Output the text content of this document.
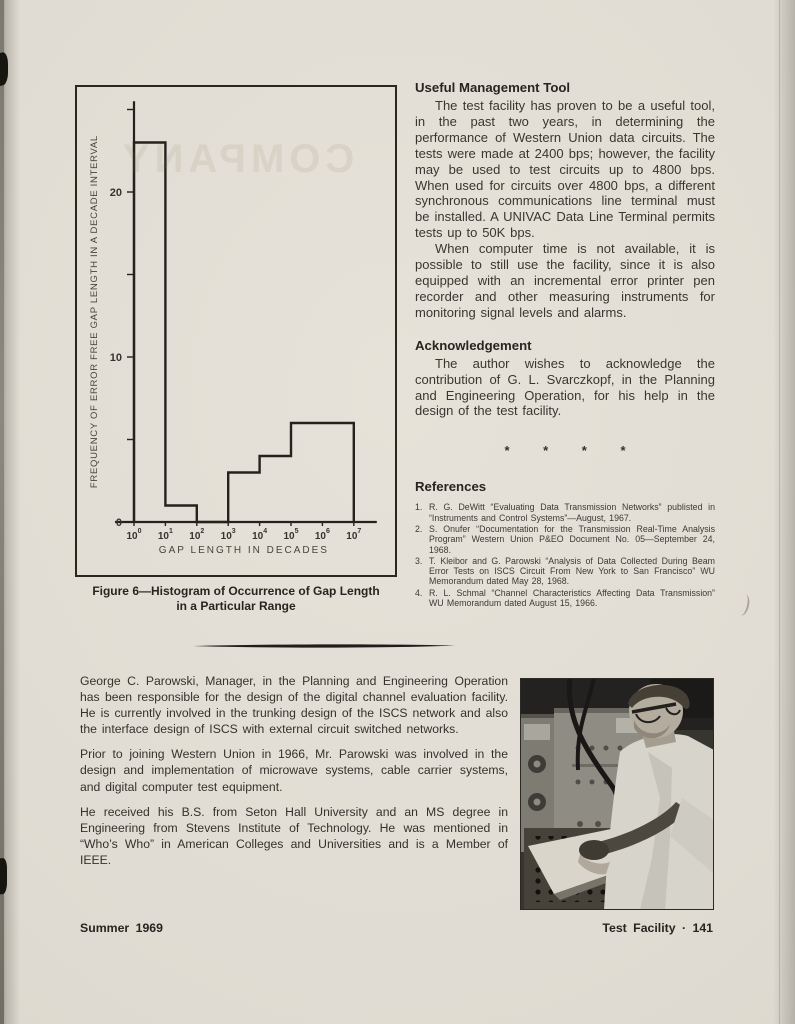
COMPANY
0
10
20
$10^0$ $10^1$ $10^2$ $10^3$ $10^4$ $10^5$ $10^6$ $10^7$
GAP LENGTH IN DECADES
FREQUENCY OF ERROR FREE GAP LENGTH IN A DECADE INTERVAL
Figure 6—Histogram of Occurrence of Gap Length
in a Particular Range
Useful Management Tool

The test facility has proven to be a useful tool, in the past two years, in determining the performance of Western Union data circuits. The tests were made at 2400 bps; however, the facility may be used to test circuits up to 4800 bps. When used for circuits over 4800 bps, a different synchronous communications line terminal must be installed. A UNIVAC Data Line Terminal permits tests up to 50K bps.

When computer time is not available, it is possible to still use the facility, since it is also equipped with an incremental error printer pen recorder and other measuring instruments for monitoring signal levels and alarms.

Acknowledgement

The author wishes to acknowledge the contribution of G. L. Svarczkopf, in the Planning and Engineering Operation, for his help in the design of the test facility.

* * * *
References
1. R. G. DeWitt “Evaluating Data Transmission Networks” publisted in “Instruments and Control Systems”—August, 1967.
2. S. Onufer “Documentation for the Transmission Real-Time Analysis Program” Western Union P&EO Document No. 05—September 24, 1968.
3. T. Kleibor and G. Parowski “Analysis of Data Collected During Beam Error Tests on ISCS Circuit From New York to San Francisco” WU Memorandum dated May 28, 1968.
4. R. L. Schmal “Channel Characteristics Affecting Data Transmission” WU Memorandum dated August 15, 1966.

George C. Parowski, Manager, in the Planning and Engineering Operation has been responsible for the design of the digital channel evaluation facility. He is currently involved in the trunking design of the ISCS network and also the interface design of ISCS with external circuit switched networks.

Prior to joining Western Union in 1966, Mr. Parowski was involved in the design and implementation of microwave systems, cable carrier systems, and digital computer test equipment.

He received his B.S. from Seton Hall University and an MS degree in Engineering from Stevens Institute of Technology. He was mentioned in “Who’s Who” in American Colleges and Universities and is a Member of IEEE.

Summer 1969	Test Facility · 141
